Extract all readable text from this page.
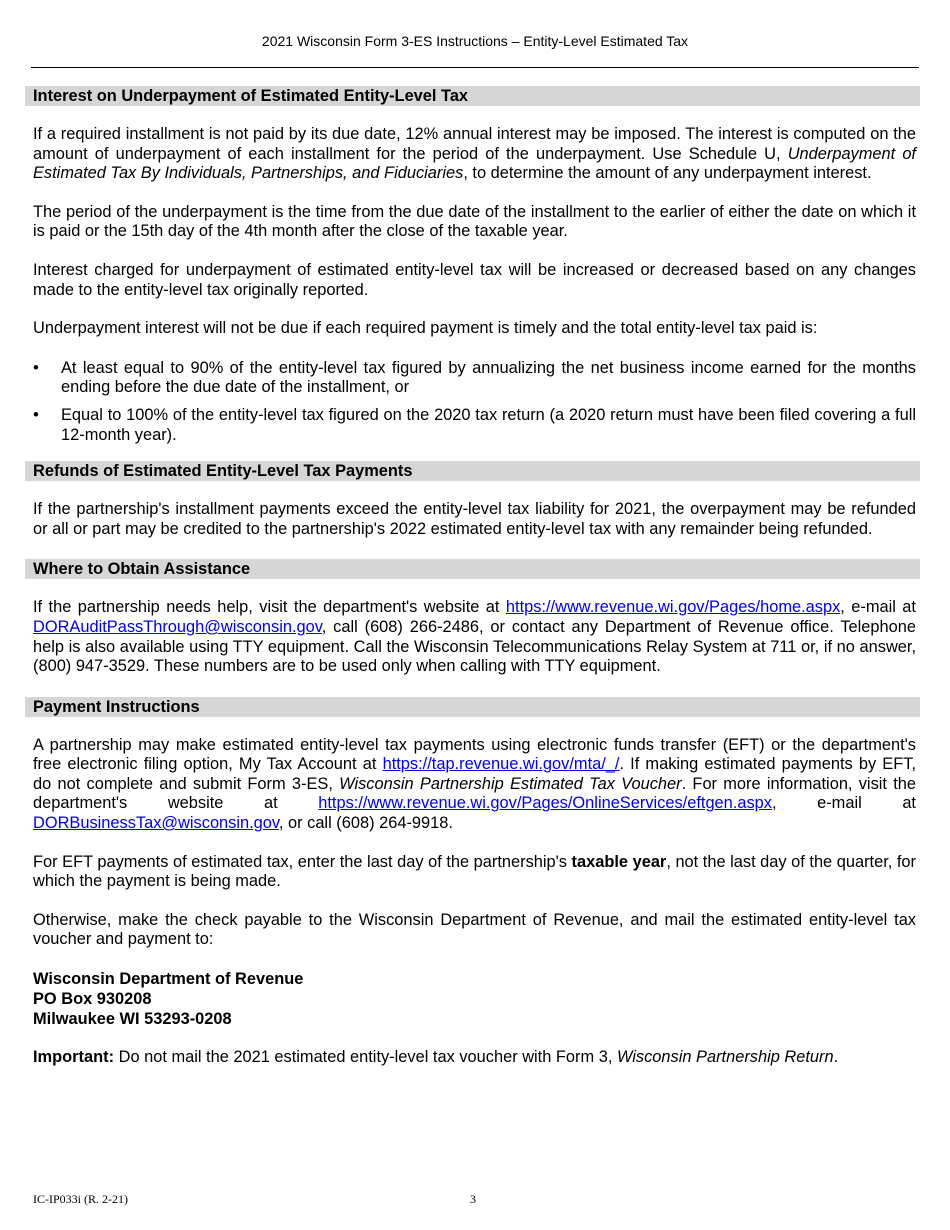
2021 Wisconsin Form 3-ES Instructions – Entity-Level Estimated Tax
Interest on Underpayment of Estimated Entity-Level Tax

If a required installment is not paid by its due date, 12% annual interest may be imposed. The interest is computed on the amount of underpayment of each installment for the period of the underpayment. Use Schedule U, Underpayment of Estimated Tax By Individuals, Partnerships, and Fiduciaries, to determine the amount of any underpayment interest.

The period of the underpayment is the time from the due date of the installment to the earlier of either the date on which it is paid or the 15th day of the 4th month after the close of the taxable year.

Interest charged for underpayment of estimated entity-level tax will be increased or decreased based on any changes made to the entity-level tax originally reported.

Underpayment interest will not be due if each required payment is timely and the total entity-level tax paid is:

• At least equal to 90% of the entity-level tax figured by annualizing the net business income earned for the months ending before the due date of the installment, or
• Equal to 100% of the entity-level tax figured on the 2020 tax return (a 2020 return must have been filed covering a full 12-month year).
Refunds of Estimated Entity-Level Tax Payments

If the partnership's installment payments exceed the entity-level tax liability for 2021, the overpayment may be refunded or all or part may be credited to the partnership's 2022 estimated entity-level tax with any remainder being refunded.

Where to Obtain Assistance

If the partnership needs help, visit the department's website at https://www.revenue.wi.gov/Pages/home.aspx, e-mail at DORAuditPassThrough@wisconsin.gov, call (608) 266-2486, or contact any Department of Revenue office. Telephone help is also available using TTY equipment. Call the Wisconsin Telecommunications Relay System at 711 or, if no answer, (800) 947-3529. These numbers are to be used only when calling with TTY equipment.

Payment Instructions

A partnership may make estimated entity-level tax payments using electronic funds transfer (EFT) or the department's free electronic filing option, My Tax Account at https://tap.revenue.wi.gov/mta/_/. If making estimated payments by EFT, do not complete and submit Form 3-ES, Wisconsin Partnership Estimated Tax Voucher. For more information, visit the department's website at https://www.revenue.wi.gov/Pages/OnlineServices/eftgen.aspx, e-mail at DORBusinessTax@wisconsin.gov, or call (608) 264-9918.

For EFT payments of estimated tax, enter the last day of the partnership's taxable year, not the last day of the quarter, for which the payment is being made.

Otherwise, make the check payable to the Wisconsin Department of Revenue, and mail the estimated entity-level tax voucher and payment to:

Wisconsin Department of Revenue
PO Box 930208
Milwaukee WI 53293-0208

Important: Do not mail the 2021 estimated entity-level tax voucher with Form 3, Wisconsin Partnership Return.

IC-IP033i (R. 2-21)	3
